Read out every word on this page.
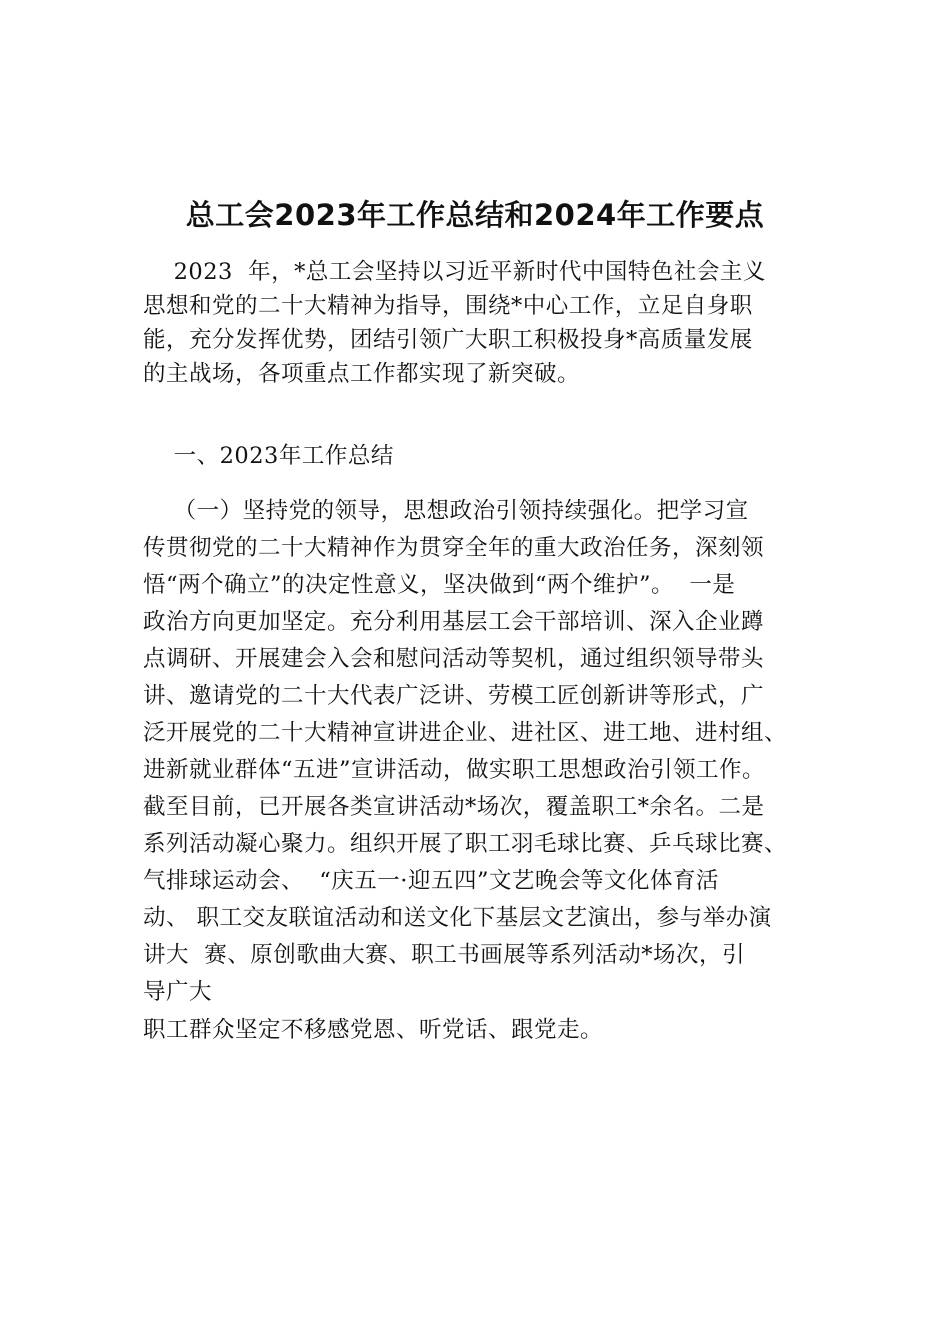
总工会2023年工作总结和2024年工作要点
2023  年，*总工会坚持以习近平新时代中国特色社会主义
思想和党的二十大精神为指导，围绕*中心工作，立足自身职
能，充分发挥优势，团结引领广大职工积极投身*高质量发展
的主战场，各项重点工作都实现了新突破。
一、2023年工作总结
（一）坚持党的领导，思想政治引领持续强化。把学习宣
传贯彻党的二十大精神作为贯穿全年的重大政治任务，深刻领
悟“两个确立”的决定性意义，坚决做到“两个维护”。  一是
政治方向更加坚定。充分利用基层工会干部培训、深入企业蹲
点调研、开展建会入会和慰问活动等契机，通过组织领导带头
讲、邀请党的二十大代表广泛讲、劳模工匠创新讲等形式，广
泛开展党的二十大精神宣讲进企业、进社区、进工地、进村组、
进新就业群体“五进”宣讲活动，做实职工思想政治引领工作。
截至目前，已开展各类宣讲活动*场次，覆盖职工*余名。二是
系列活动凝心聚力。组织开展了职工羽毛球比赛、乒乓球比赛、
气排球运动会、  “庆五一·迎五四”文艺晚会等文化体育活
动、 职工交友联谊活动和送文化下基层文艺演出，参与举办演
讲大  赛、原创歌曲大赛、职工书画展等系列活动*场次，引
导广大
职工群众坚定不移感党恩、听党话、跟党走。
